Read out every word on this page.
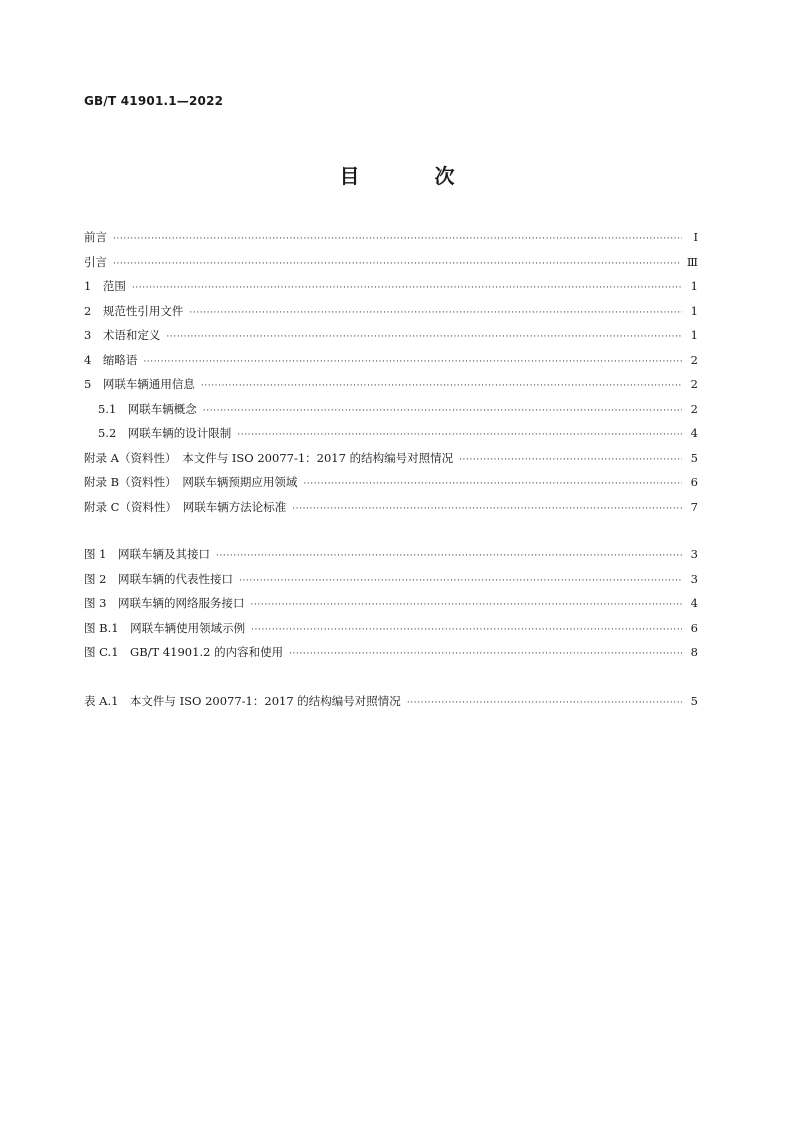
GB/T 41901.1—2022
目 次
前言 ·····	Ⅰ
引言 ·····	Ⅲ
1　范围 ·····	1
2　规范性引用文件 ·····	1
3　术语和定义 ·····	1
4　缩略语 ·····	2
5　网联车辆通用信息 ·····	2
5.1　网联车辆概念 ·····	2
5.2　网联车辆的设计限制 ·····	4
附录 A（资料性）　本文件与 ISO 20077-1：2017 的结构编号对照情况 ·····	5
附录 B（资料性）　网联车辆预期应用领域 ·····	6
附录 C（资料性）　网联车辆方法论标准 ·····	7
图 1　网联车辆及其接口 ·····	3
图 2　网联车辆的代表性接口 ·····	3
图 3　网联车辆的网络服务接口 ·····	4
图 B.1　网联车辆使用领域示例 ·····	6
图 C.1　GB/T 41901.2 的内容和使用 ·····	8
表 A.1　本文件与 ISO 20077-1：2017 的结构编号对照情况 ·····	5
